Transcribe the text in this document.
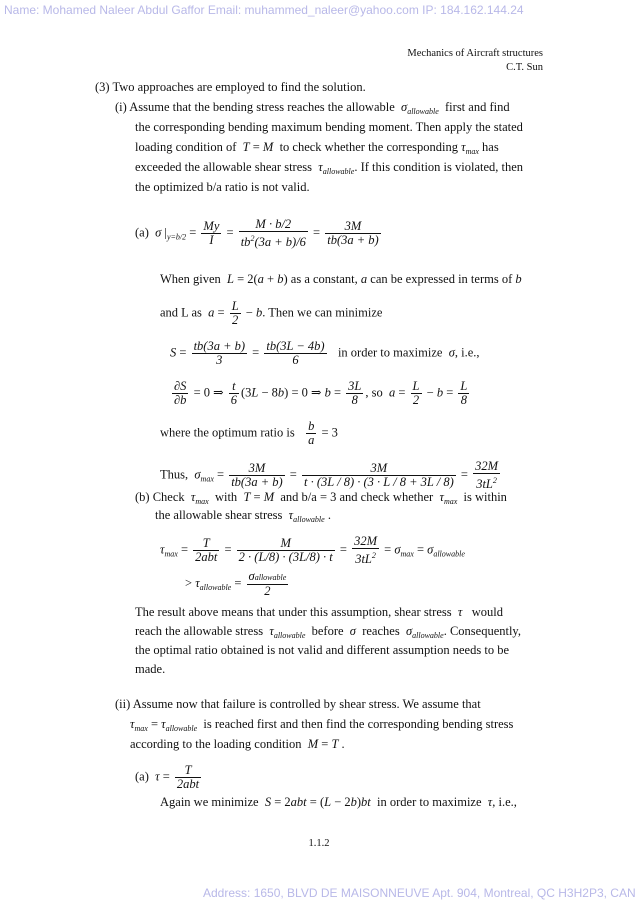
Name: Mohamed Naleer Abdul Gaffor Email: muhammed_naleer@yahoo.com IP: 184.162.144.24
Mechanics of Aircraft structures
C.T. Sun
(3) Two approaches are employed to find the solution.
(i) Assume that the bending stress reaches the allowable $\sigma_{allowable}$ first and find
the corresponding bending maximum bending moment. Then apply the stated
loading condition of T = M to check whether the corresponding $\tau_{max}$ has
exceeded the allowable shear stress $\tau_{allowable}$. If this condition is violated, then
the optimized b/a ratio is not valid.
(a) σ $|_{y=b/2} = \frac{My}{I} = \frac{M \cdot b/2}{tb^2(3a + b)/6} = \frac{3M}{tb(3a + b)}$
When given L = 2(a + b) as a constant, a can be expressed in terms of b
and L as $a = \frac{L}{2} - b$. Then we can minimize
$S = \frac{tb(3a + b)}{3} = \frac{tb(3L - 4b)}{6}$ in order to maximize σ, i.e.,
$\frac{\partial S}{\partial b} = 0$ ⇒ $\frac{t}{6} (3L - 8b) = 0$ ⇒ $b = \frac{3L}{8}$ , so $a = \frac{L}{2} - b = \frac{L}{8}$
where the optimum ratio is $\frac{b}{a} = 3$
Thus, $\sigma_{max} = \frac{3M}{tb(3a + b)} = \frac{3M}{t \cdot (3L / 8) \cdot (3 \cdot L / 8 + 3L / 8)} = \frac{32M}{3tL^2}$
(b) Check $\tau_{max}$ with T = M and b/a = 3 and check whether $\tau_{max}$ is within
the allowable shear stress $\tau_{allowable}$ .
$\tau_{max} = \frac{T}{\text{2abt}} = \frac{M}{2 \cdot (L/8) \cdot (3L/8) \cdot t} = \frac{32M}{3tL^2} = \sigma_{max} = \sigma_{allowable}$
> $\tau_{allowable} = \frac{\text{σallowable}}{2}$
The result above means that under this assumption, shear stress τ would
reach the allowable stress $\tau_{allowable}$ before σ reaches $\sigma_{allowable}$. Consequently,
the optimal ratio obtained is not valid and different assumption needs to be
made.
(ii) Assume now that failure is controlled by shear stress. We assume that
$\tau_{max} = \tau_{allowable}$ is reached first and then find the corresponding bending stress
according to the loading condition M = T .
(a) $\tau = \frac{T}{\text{2abt}}$
Again we minimize S = 2abt = (L − 2b)bt in order to maximize τ, i.e.,
1.1.2
Address: 1650, BLVD DE MAISONNEUVE Apt. 904, Montreal, QC H3H2P3, CAN
